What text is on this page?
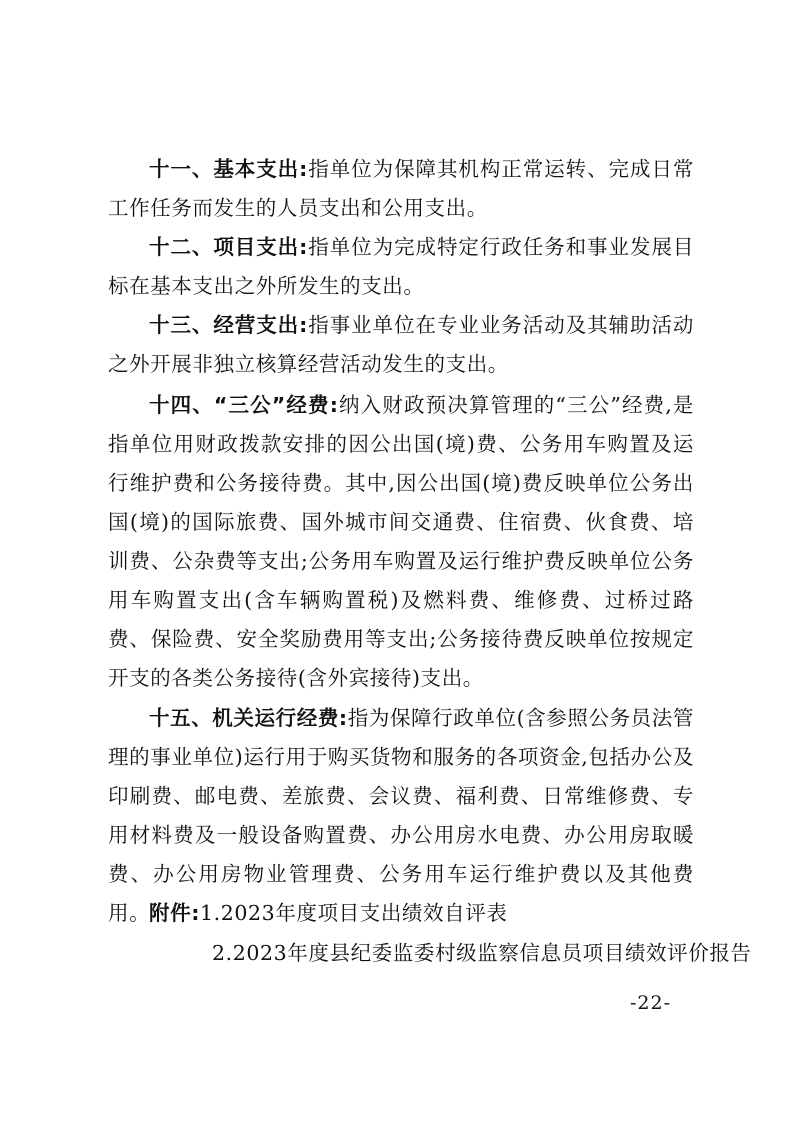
十一、基本支出:指单位为保障其机构正常运转、完成日常工作任务而发生的人员支出和公用支出。

十二、项目支出:指单位为完成特定行政任务和事业发展目标在基本支出之外所发生的支出。

十三、经营支出:指事业单位在专业业务活动及其辅助活动之外开展非独立核算经营活动发生的支出。

十四、“三公”经费:纳入财政预决算管理的“三公”经费,是指单位用财政拨款安排的因公出国(境)费、公务用车购置及运行维护费和公务接待费。其中,因公出国(境)费反映单位公务出国(境)的国际旅费、国外城市间交通费、住宿费、伙食费、培训费、公杂费等支出;公务用车购置及运行维护费反映单位公务用车购置支出(含车辆购置税)及燃料费、维修费、过桥过路费、保险费、安全奖励费用等支出;公务接待费反映单位按规定开支的各类公务接待(含外宾接待)支出。

十五、机关运行经费:指为保障行政单位(含参照公务员法管理的事业单位)运行用于购买货物和服务的各项资金,包括办公及印刷费、邮电费、差旅费、会议费、福利费、日常维修费、专用材料费及一般设备购置费、办公用房水电费、办公用房取暖费、办公用房物业管理费、公务用车运行维护费以及其他费用。

附件:1.2023年度项目支出绩效自评表

2.2023年度县纪委监委村级监察信息员项目绩效评价报告

-22-
